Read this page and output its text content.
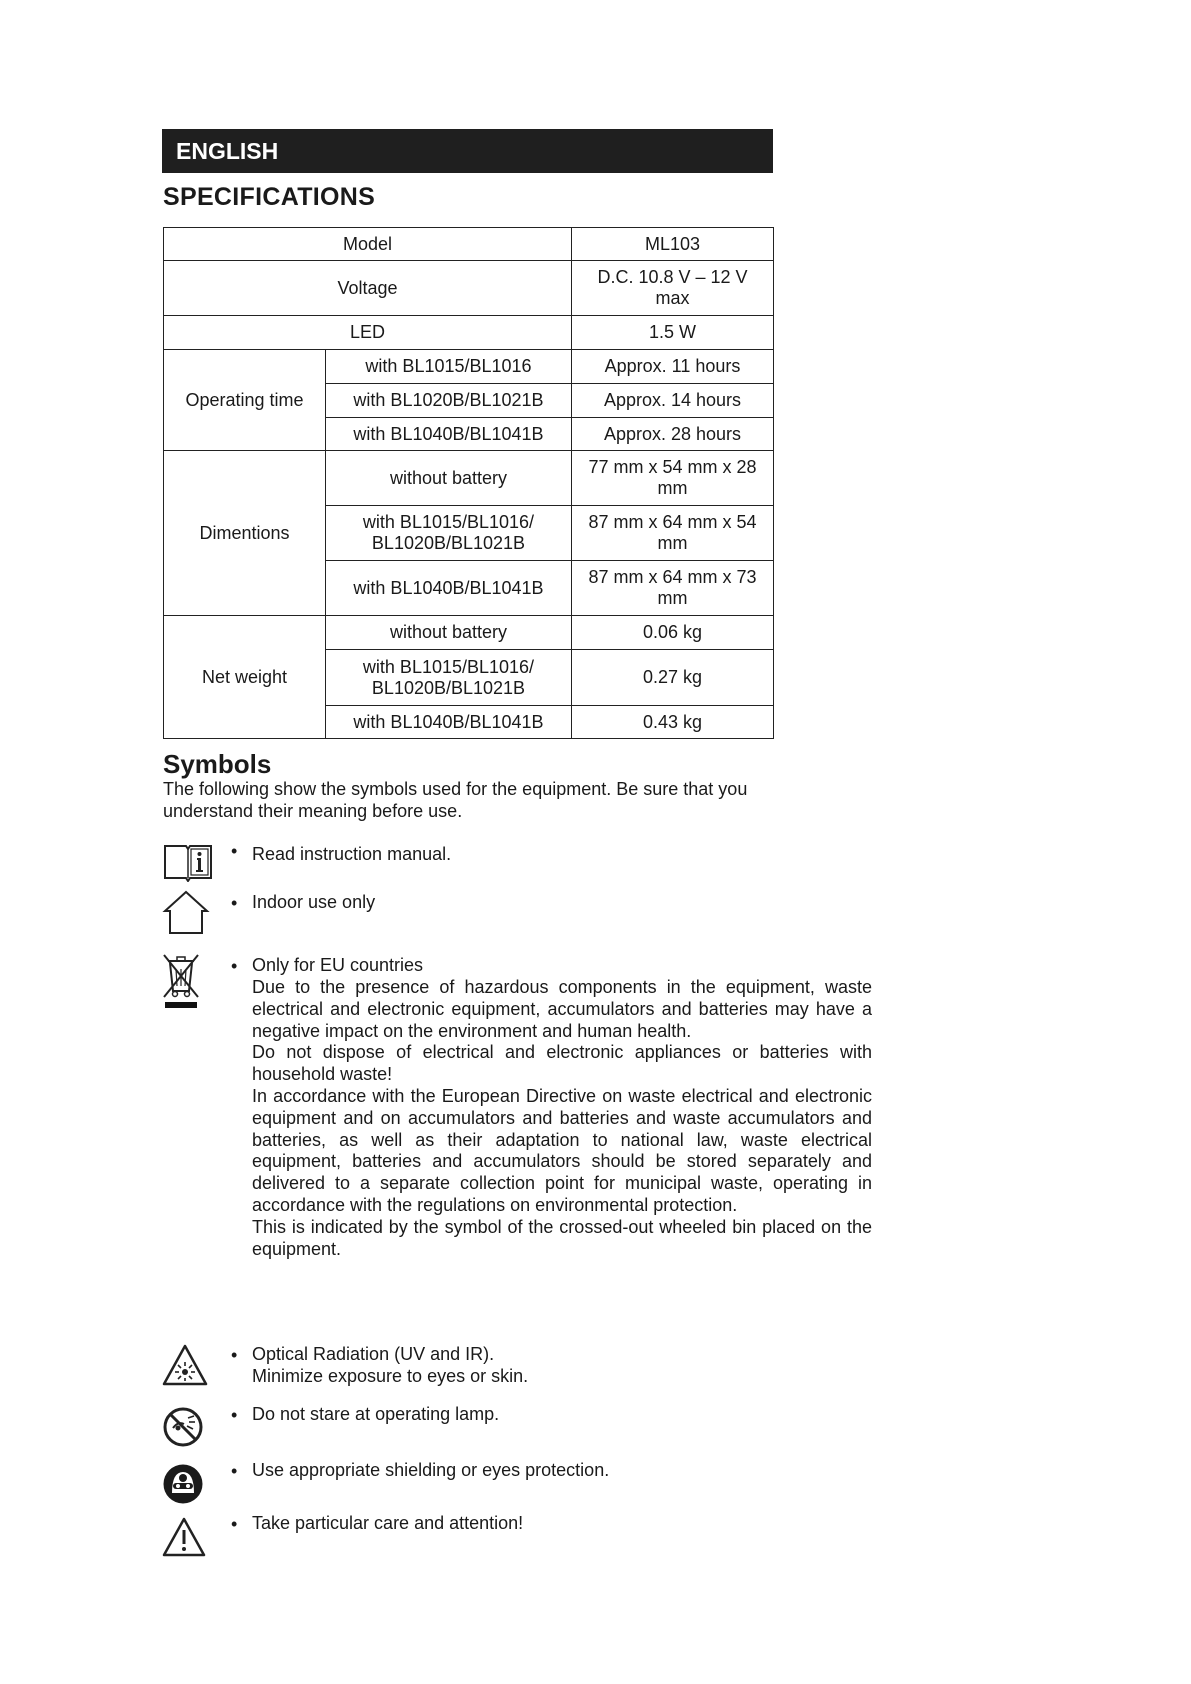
ENGLISH
SPECIFICATIONS
Model		ML103
Voltage		D.C. 10.8 V – 12 V max
LED		1.5 W
Operating time	with BL1015/BL1016	Approx. 11 hours
	with BL1020B/BL1021B	Approx. 14 hours
	with BL1040B/BL1041B	Approx. 28 hours
Dimentions	without battery	77 mm x 54 mm x 28 mm
	with BL1015/BL1016/ BL1020B/BL1021B	87 mm x 64 mm x 54 mm
	with BL1040B/BL1041B	87 mm x 64 mm x 73 mm
Net weight	without battery	0.06 kg
	with BL1015/BL1016/ BL1020B/BL1021B	0.27 kg
	with BL1040B/BL1041B	0.43 kg
Symbols
The following show the symbols used for the equipment. Be sure that you understand their meaning before use.
• Read instruction manual.
• Indoor use only
• Only for EU countries
Due to the presence of hazardous components in the equipment, waste electrical and electronic equipment, accumulators and batteries may have a negative impact on the environment and human health.
Do not dispose of electrical and electronic appliances or batteries with household waste!
In accordance with the European Directive on waste electrical and electronic equipment and on accumulators and batteries and waste accumulators and batteries, as well as their adaptation to national law, waste electrical equipment, batteries and accumulators should be stored separately and delivered to a separate collection point for municipal waste, operating in accordance with the regulations on environmental protection.
This is indicated by the symbol of the crossed-out wheeled bin placed on the equipment.
• Optical Radiation (UV and IR).
Minimize exposure to eyes or skin.
• Do not stare at operating lamp.
• Use appropriate shielding or eyes protection.
• Take particular care and attention!
